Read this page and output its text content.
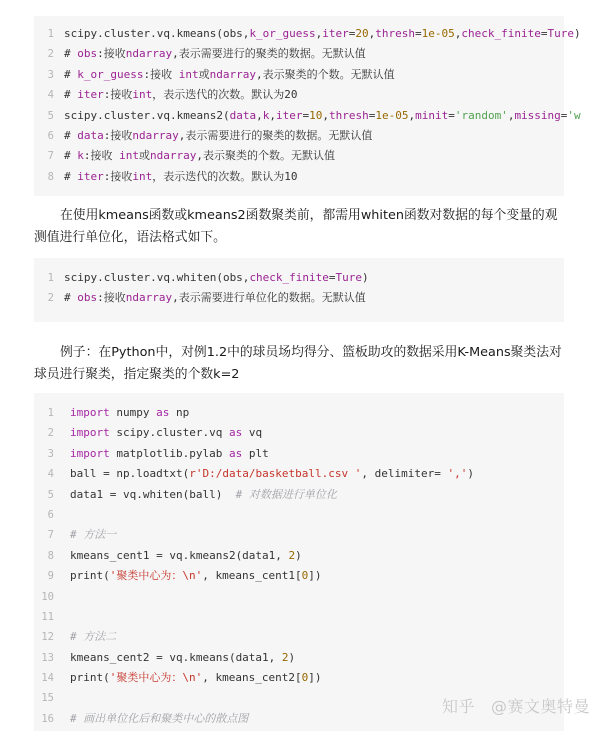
1 scipy.cluster.vq.kmeans(obs,k_or_guess,iter=20,thresh=1e-05,check_finite=Ture)
2 # obs:接收ndarray,表示需要进行的聚类的数据。无默认值
3 # k_or_guess:接收 int或ndarray,表示聚类的个数。无默认值
4 # iter:接收int，表示迭代的次数。默认为20
5 scipy.cluster.vq.kmeans2(data,k,iter=10,thresh=1e-05,minit='random',missing='w
6 # data:接收ndarray,表示需要进行的聚类的数据。无默认值
7 # k:接收 int或ndarray,表示聚类的个数。无默认值
8 # iter:接收int，表示迭代的次数。默认为10
在使用kmeans函数或kmeans2函数聚类前，都需用whiten函数对数据的每个变量的观测值进行单位化，语法格式如下。
1 scipy.cluster.vq.whiten(obs,check_finite=Ture)
2 # obs:接收ndarray,表示需要进行单位化的数据。无默认值
例子：在Python中，对例1.2中的球员场均得分、篮板助攻的数据采用K-Means聚类法对球员进行聚类，指定聚类的个数k=2
1 import numpy as np
2 import scipy.cluster.vq as vq
3 import matplotlib.pylab as plt
4 ball = np.loadtxt(r'D:/data/basketball.csv ', delimiter= ',')
5 data1 = vq.whiten(ball)  # 对数据进行单位化
6
7 # 方法一
8 kmeans_cent1 = vq.kmeans2(data1, 2)
9 print('聚类中心为：\n', kmeans_cent1[0])
10
11
12 # 方法二
13 kmeans_cent2 = vq.kmeans(data1, 2)
14 print('聚类中心为：\n', kmeans_cent2[0])
15
16 # 画出单位化后和聚类中心的散点图
知乎 @赛文奥特曼
